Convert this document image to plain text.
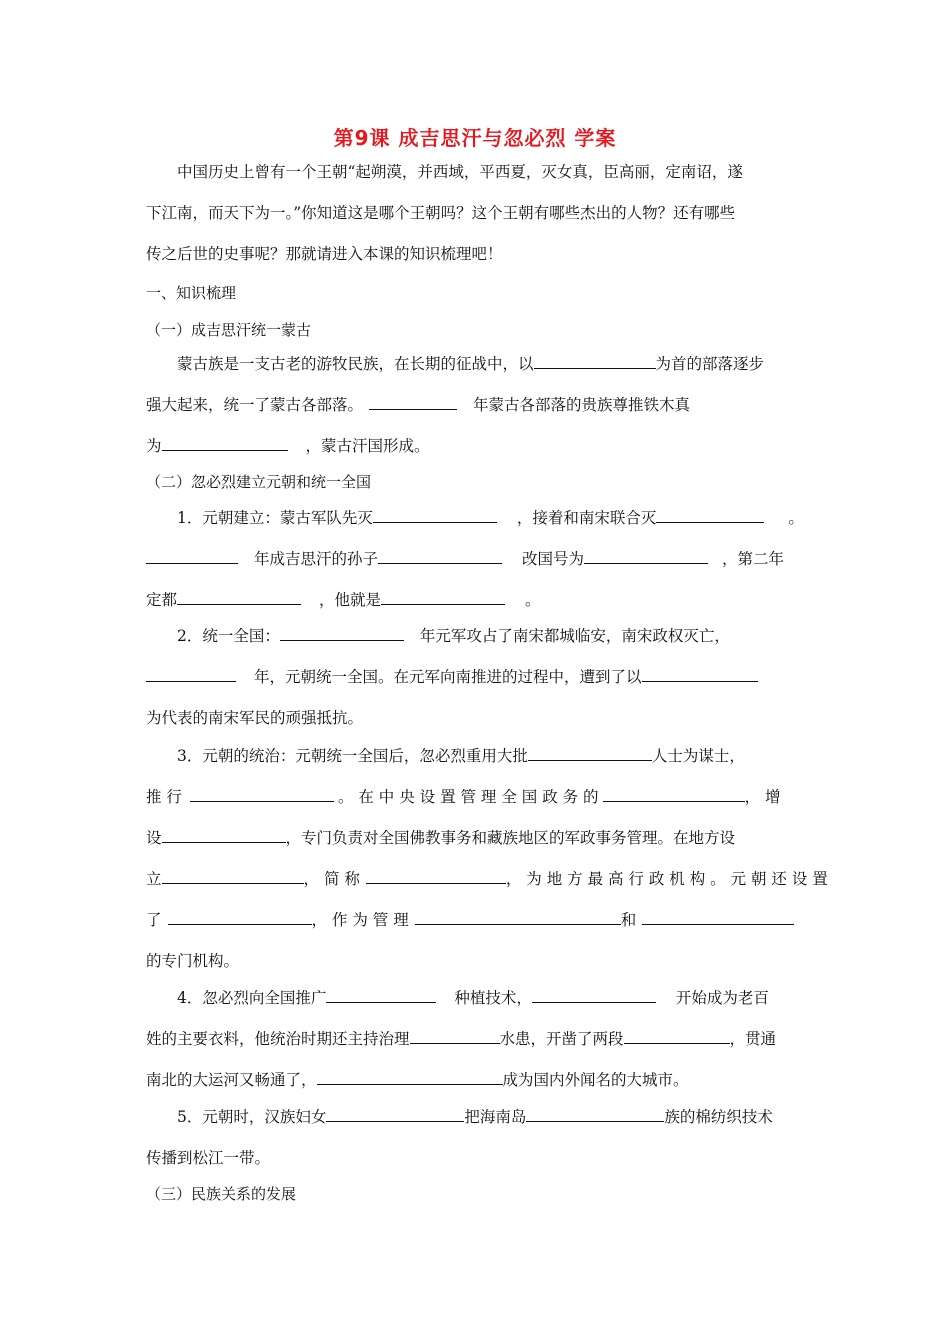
第9课 成吉思汗与忽必烈 学案
中国历史上曾有一个王朝“起朔漠，并西域，平西夏，灭女真，臣高丽，定南诏，遂
下江南，而天下为一。”你知道这是哪个王朝吗？这个王朝有哪些杰出的人物？还有哪些
传之后世的史事呢？那就请进入本课的知识梳理吧！
一、知识梳理
（一）成吉思汗统一蒙古
蒙古族是一支古老的游牧民族，在长期的征战中，以	为首的部落逐步
强大起来，统一了蒙古各部落。	年蒙古各部落的贵族尊推铁木真
为	，蒙古汗国形成。
（二）忽必烈建立元朝和统一全国
1．元朝建立：蒙古军队先灭	，接着和南宋联合灭	。
年成吉思汗的孙子	改国号为	，第二年
定都	，他就是	。
2．统一全国：	年元军攻占了南宋都城临安，南宋政权灭亡，
年，元朝统一全国。在元军向南推进的过程中，遭到了以
为代表的南宋军民的顽强抵抗。
3．元朝的统治：元朝统一全国后，忽必烈重用大批	人士为谋士，
推 行	。 在 中 央 设 置 管 理 全 国 政 务 的	， 增
设	，专门负责对全国佛教事务和藏族地区的军政事务管理。在地方设
立	， 简 称	， 为 地 方 最 高 行 政 机 构 。 元 朝 还 设 置
了	， 作 为 管 理	和
的专门机构。
4．忽必烈向全国推广	种植技术，	开始成为老百
姓的主要衣料，他统治时期还主持治理	水患，开凿了两段	，贯通
南北的大运河又畅通了，	成为国内外闻名的大城市。
5．元朝时，汉族妇女	把海南岛	族的棉纺织技术
传播到松江一带。
（三）民族关系的发展
